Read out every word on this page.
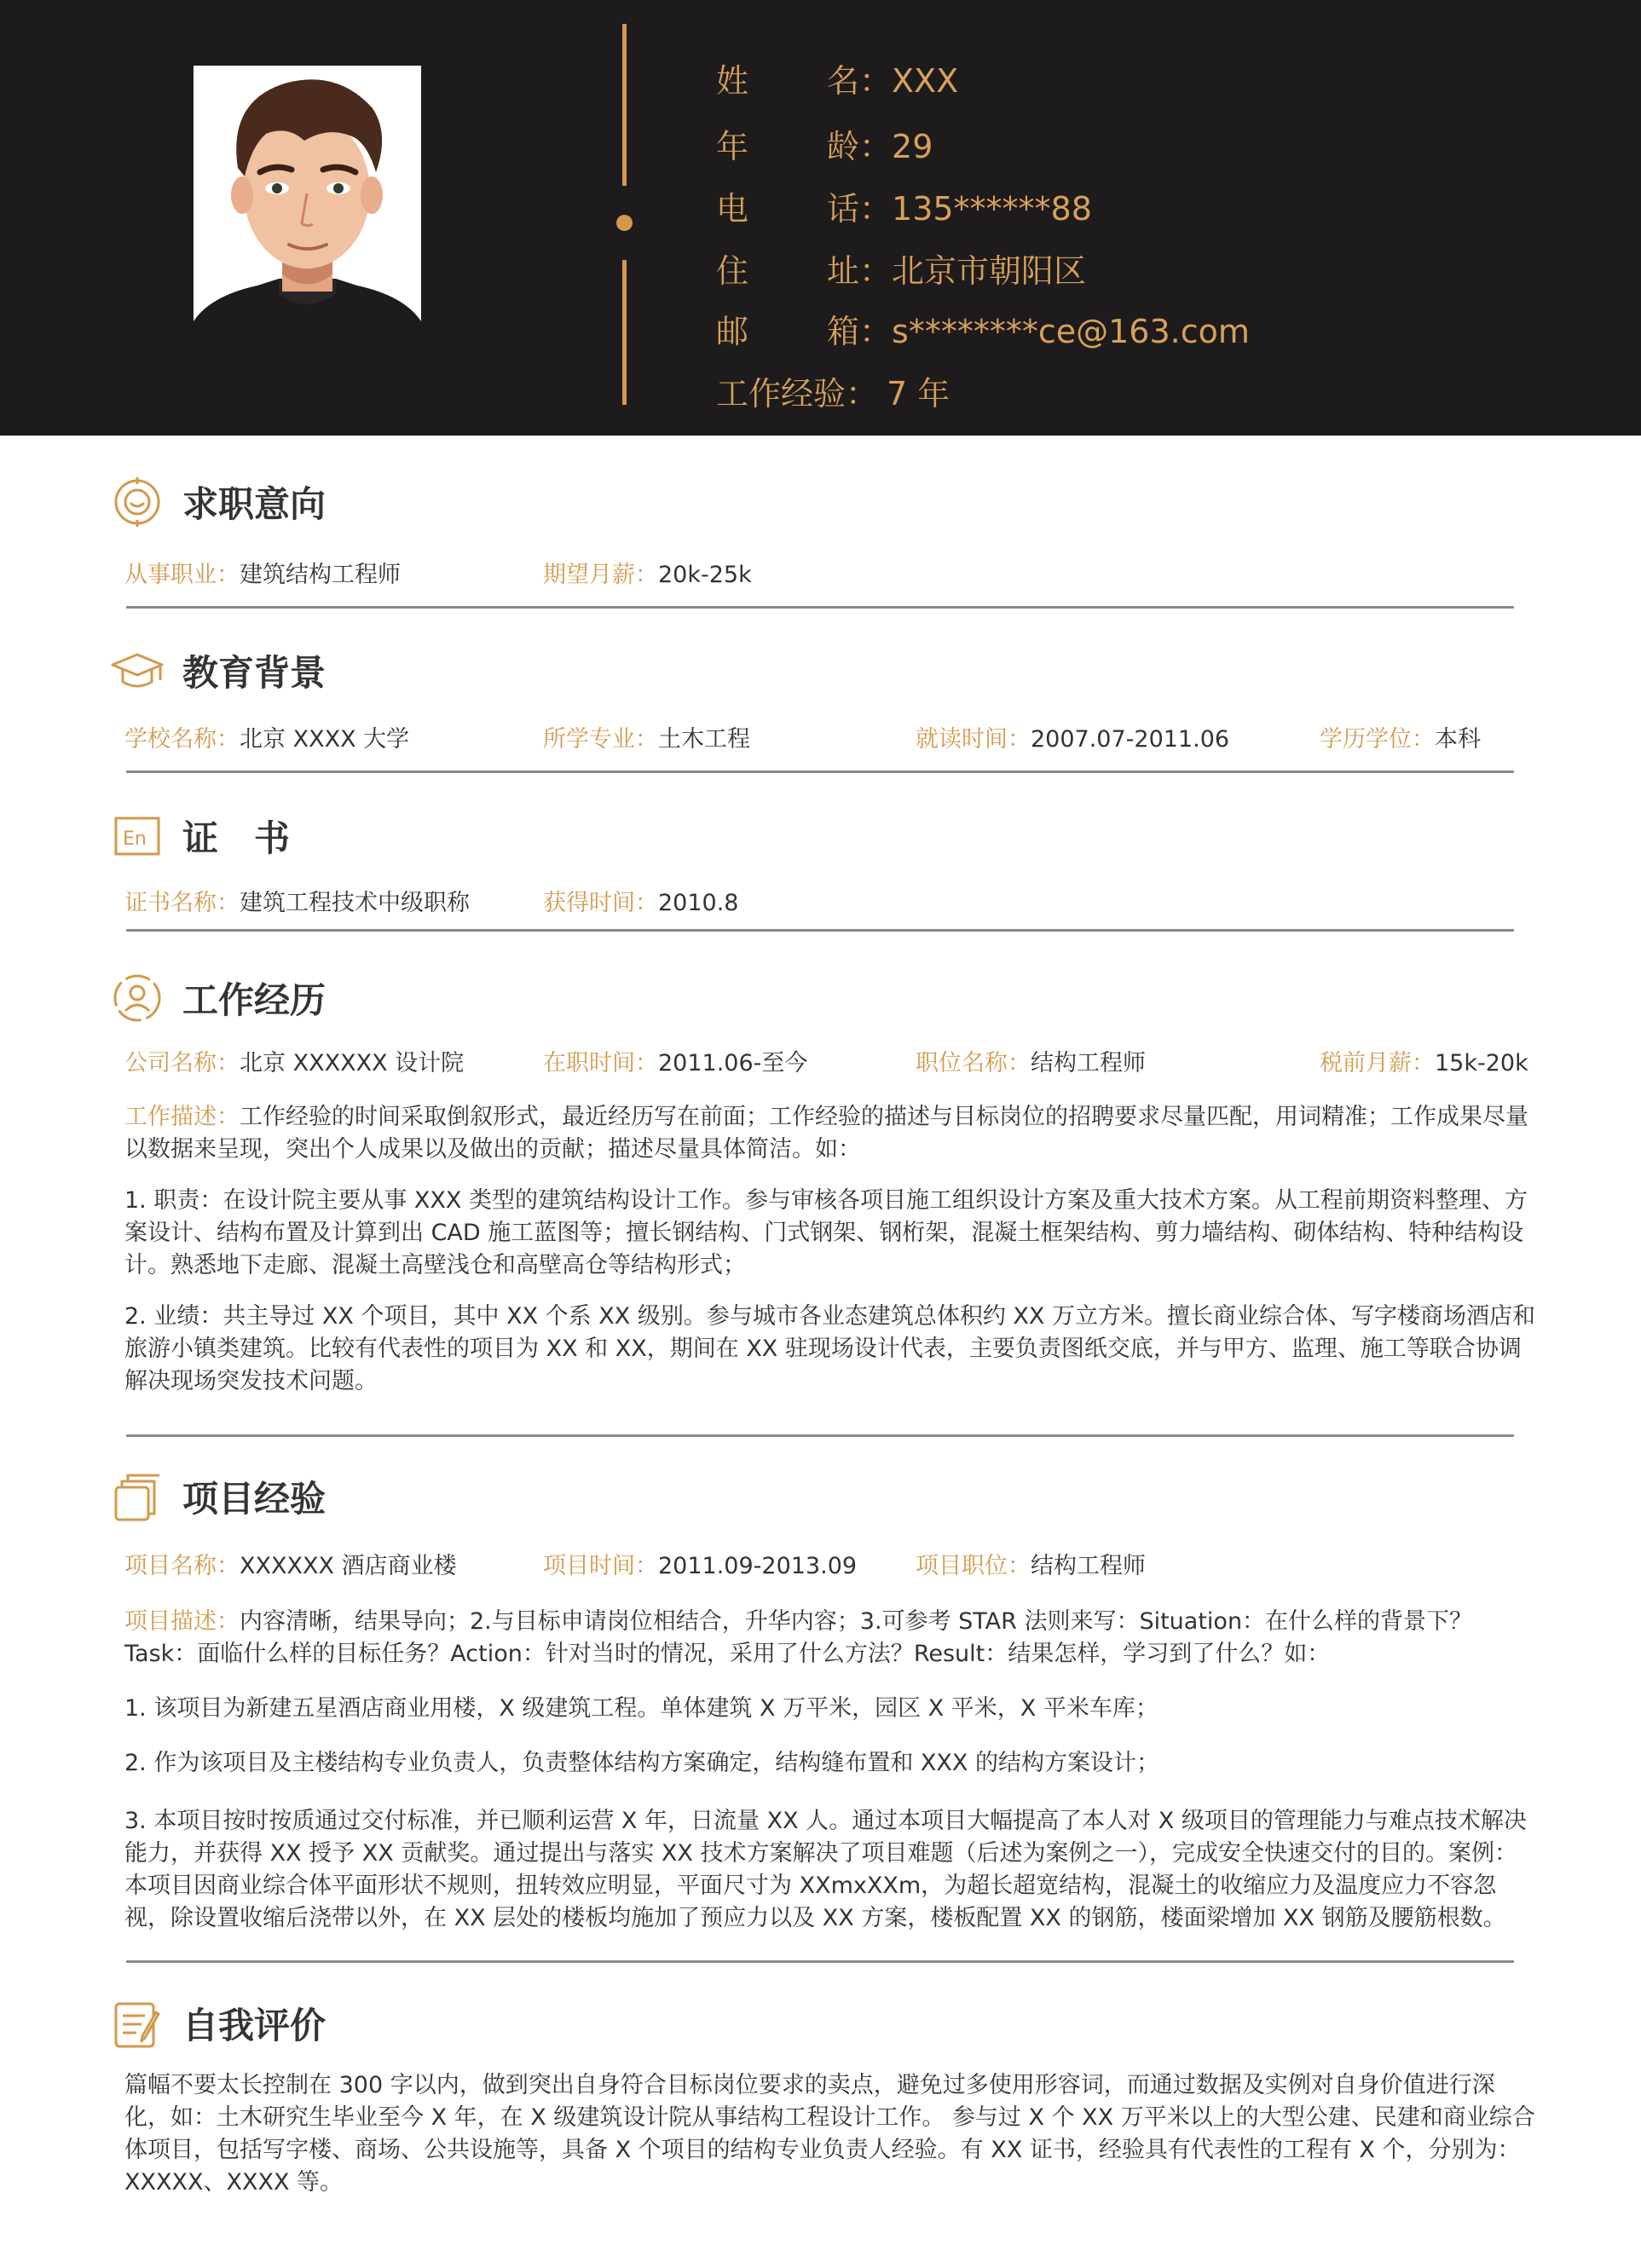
姓 名：XXX
年 龄：29
电 话：135******88
住 址：北京市朝阳区
邮 箱：s********ce@163.com
工作经验： 7 年
求职意向
从事职业：建筑结构工程师	期望月薪：20k-25k
教育背景
学校名称：北京 XXXX 大学	所学专业：土木工程	就读时间：2007.07-2011.06	学历学位：本科
En 证　书
证书名称：建筑工程技术中级职称	获得时间：2010.8
工作经历
公司名称：北京 XXXXXX 设计院	在职时间：2011.06-至今	职位名称：结构工程师	税前月薪：15k-20k
工作描述：工作经验的时间采取倒叙形式，最近经历写在前面；工作经验的描述与目标岗位的招聘要求尽量匹配，用词精准；工作成果尽量以数据来呈现，突出个人成果以及做出的贡献；描述尽量具体简洁。如：
1. 职责：在设计院主要从事 XXX 类型的建筑结构设计工作。参与审核各项目施工组织设计方案及重大技术方案。从工程前期资料整理、方案设计、结构布置及计算到出 CAD 施工蓝图等；擅长钢结构、门式钢架、钢桁架，混凝土框架结构、剪力墙结构、砌体结构、特种结构设计。熟悉地下走廊、混凝土高壁浅仓和高壁高仓等结构形式；
2. 业绩：共主导过 XX 个项目，其中 XX 个系 XX 级别。参与城市各业态建筑总体积约 XX 万立方米。擅长商业综合体、写字楼商场酒店和旅游小镇类建筑。比较有代表性的项目为 XX 和 XX，期间在 XX 驻现场设计代表，主要负责图纸交底，并与甲方、监理、施工等联合协调解决现场突发技术问题。
项目经验
项目名称：XXXXXX 酒店商业楼	项目时间：2011.09-2013.09	项目职位：结构工程师
项目描述：内容清晰，结果导向；2.与目标申请岗位相结合，升华内容；3.可参考 STAR 法则来写：Situation：在什么样的背景下？Task：面临什么样的目标任务？Action：针对当时的情况，采用了什么方法？Result：结果怎样，学习到了什么？如：
1. 该项目为新建五星酒店商业用楼，X 级建筑工程。单体建筑 X 万平米，园区 X 平米，X 平米车库；
2. 作为该项目及主楼结构专业负责人，负责整体结构方案确定，结构缝布置和 XXX 的结构方案设计；
3. 本项目按时按质通过交付标准，并已顺利运营 X 年，日流量 XX 人。通过本项目大幅提高了本人对 X 级项目的管理能力与难点技术解决能力，并获得 XX 授予 XX 贡献奖。通过提出与落实 XX 技术方案解决了项目难题（后述为案例之一），完成安全快速交付的目的。案例：本项目因商业综合体平面形状不规则，扭转效应明显，平面尺寸为 XXmxXXm，为超长超宽结构，混凝土的收缩应力及温度应力不容忽视，除设置收缩后浇带以外，在 XX 层处的楼板均施加了预应力以及 XX 方案，楼板配置 XX 的钢筋，楼面梁增加 XX 钢筋及腰筋根数。
自我评价
篇幅不要太长控制在 300 字以内，做到突出自身符合目标岗位要求的卖点，避免过多使用形容词，而通过数据及实例对自身价值进行深化，如：土木研究生毕业至今 X 年，在 X 级建筑设计院从事结构工程设计工作。 参与过 X 个 XX 万平米以上的大型公建、民建和商业综合体项目，包括写字楼、商场、公共设施等，具备 X 个项目的结构专业负责人经验。有 XX 证书，经验具有代表性的工程有 X 个，分别为：XXXXX、XXXX 等。
